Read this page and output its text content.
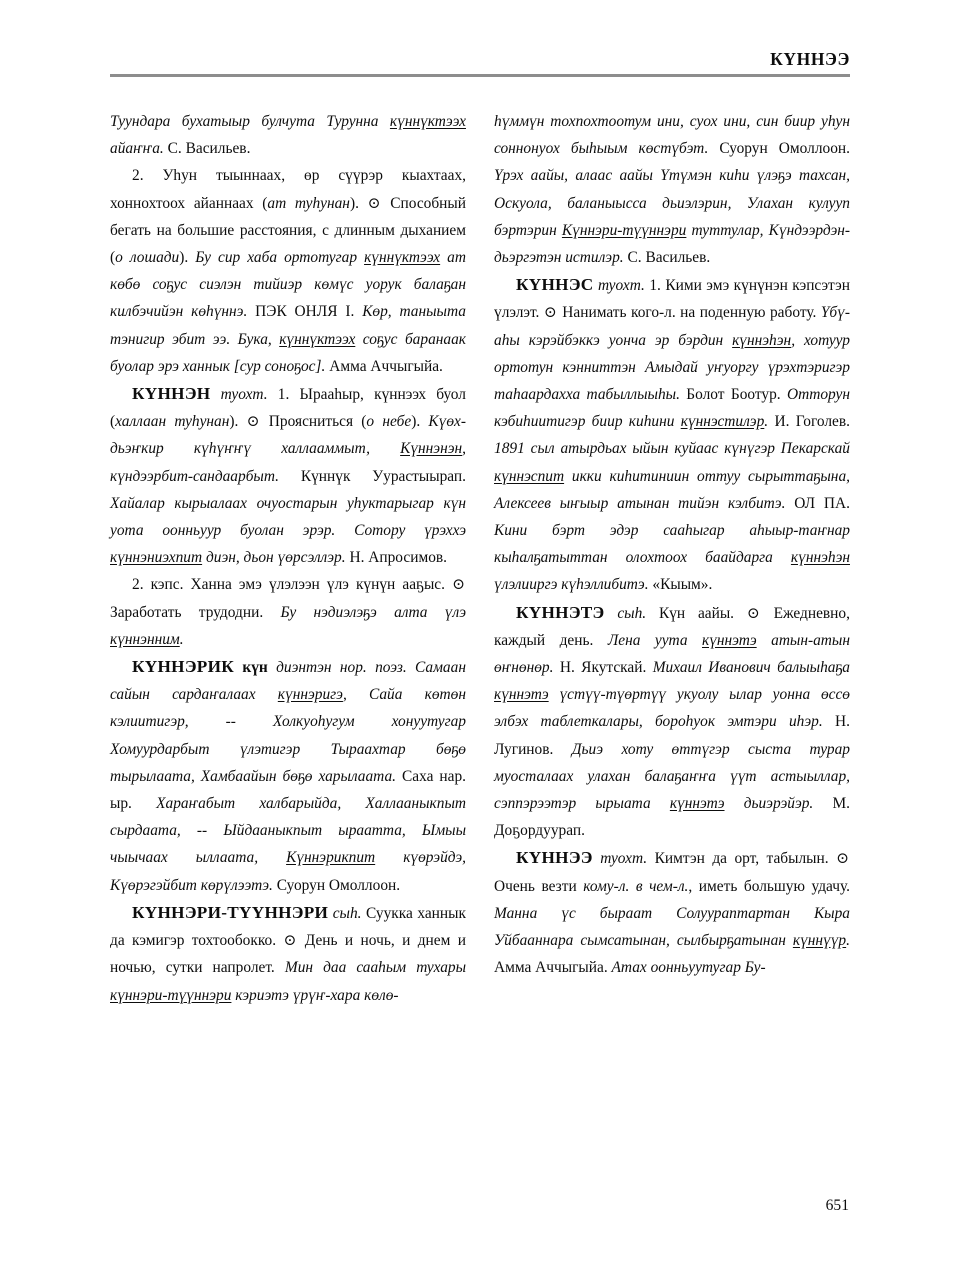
КҮННЭЭ

Туундара бухатыыр булчута Турунна күннүктээх айаҥҥа. С. Васильев.

2. Уһун тыыннаах, өр сүүрэр кыахтаах, хоннохтоох айаннаах (ат туһунан). ⊙ Способный бегать на большие расстояния, с длинным дыханием (о лошади). Бу сир хаба ортотугар күннүктээх ат көбө соҕус сиэлэн тийиэр көмүс уорук балаҕан килбэчийэн көһүннэ. ПЭК ОНЛЯ I. Көр, таныыта тэнигир эбит ээ. Бука, күннүктээх соҕус баранаак буолар эрэ ханнык [сур соноҕос]. Амма Аччыгыйа.

КҮННЭН туохт. 1. Ырааһыр, күннээх буол (халлаан туһунан). ⊙ Проясниться (о небе). Күөх-дьэҥкир күһүҥҥү халлааммыт, Күннэнэн, күндээрбит-сандаарбыт. Күннүк Уурастыырап. Хайалар кырыалаах очуостарын уһуктарыгар күн уота оонньуур буолан эрэр. Сотору үрэххэ күннэниэхпит диэн, дьон үөрсэллэр. Н. Апросимов.

2. кэпс. Ханна эмэ үлэлээн үлэ күнүн ааҕыс. ⊙ Заработать трудодни. Бу нэдиэлэҕэ алта үлэ күннэнним.

КҮННЭРИК күн диэнтэн нор. поэз. Самаан сайын сардаҥалаах күннэригэ, Сайа көтөн кэлиитигэр, -- Холкуоһугум хонуутугар Хомуурдарбыт үлэтигэр Тыраахтар бөҕө тырылаата, Хамбаайын бөҕө харылаата. Саха нар. ыр. Хараҥабыт халбарыйда, Халлааныкпыт сырдаата, -- Ыйдааныкпыт ыраатта, Ымыы чыычаах ыллаата, Күннэрикпит күөрэйдэ, Күөрэгэйбит көрүлээтэ. Суорун Омоллоон.

КҮННЭРИ-ТҮҮННЭРИ сыһ. Суукка ханнык да кэмигэр тохтообокко. ⊙ День и ночь, и днем и ночью, сутки напролет. Мин даа сааһым тухары күннэри-түүннэри кэриэтэ үрүҥ-хара көлө-

һүммүн тохпохтоотум ини, суох ини, син биир уһун соннонуох быһыым көстүбэт. Суорун Омоллоон. Үрэх аайы, алаас аайы Үтүмэн киһи үлэҕэ тахсан, Оскуола, баланыысса дьиэлэрин, Улахан кулууп бэртэрин Күннэри-түүннэри туттулар, Күндээрдэн-дьэргэтэн истилэр. С. Васильев.

КҮННЭС туохт. 1. Кими эмэ күнүнэн кэпсэтэн үлэлэт. ⊙ Нанимать кого-л. на поденную работу. Үбү-аһы кэрэйбэккэ уонча эр бэрдин күннэһэн, хотуур ортотун кэнниттэн Амыдай уҥуоргу үрэхтэригэр таһаардахха табыллыыһы. Болот Боотур. Отторун кэбиһиитигэр биир киһини күннэстилэр. И. Гоголев. 1891 сыл атырдьах ыйын куйаас күнүгэр Пекарскай күннэспит икки киһитиниин оттуу сырыттаҕына, Алексеев ыҥыыр атынан тийэн кэлбитэ. ОЛ ПА. Кини бэрт эдэр сааһыгар аһыыр-таҥнар кыһалҕатыттан олохтоох баайдарга күннэһэн үлэлииргэ күһэллибитэ. «Кыым».

КҮННЭТЭ сыһ. Күн аайы. ⊙ Ежедневно, каждый день. Лена уута күннэтэ атын-атын өҥнөнөр. Н. Якутскай. Михаил Иванович балыыһаҕа күннэтэ үстүү-түөртүү укуолу ылар уонна өссө элбэх таблеткалары, бороһуок эмтэри иһэр. Н. Лугинов. Дьиэ хоту өттүгэр сыста турар муосталаах улахан балаҕаҥҥа үүт астыыллар, сэппэрээтэр ырыата күннэтэ дьиэрэйэр. М. Доҕордуурап.

КҮННЭЭ туохт. Кимтэн да орт, табылын. ⊙ Очень везти кому-л. в чем-л., иметь большую удачу. Манна үс быраат Солуураптартан Кыра Уйбааннара сымсатынан, сылбырҕатынан күннүүр. Амма Аччыгыйа. Атах оонньуутугар Бу-

651
